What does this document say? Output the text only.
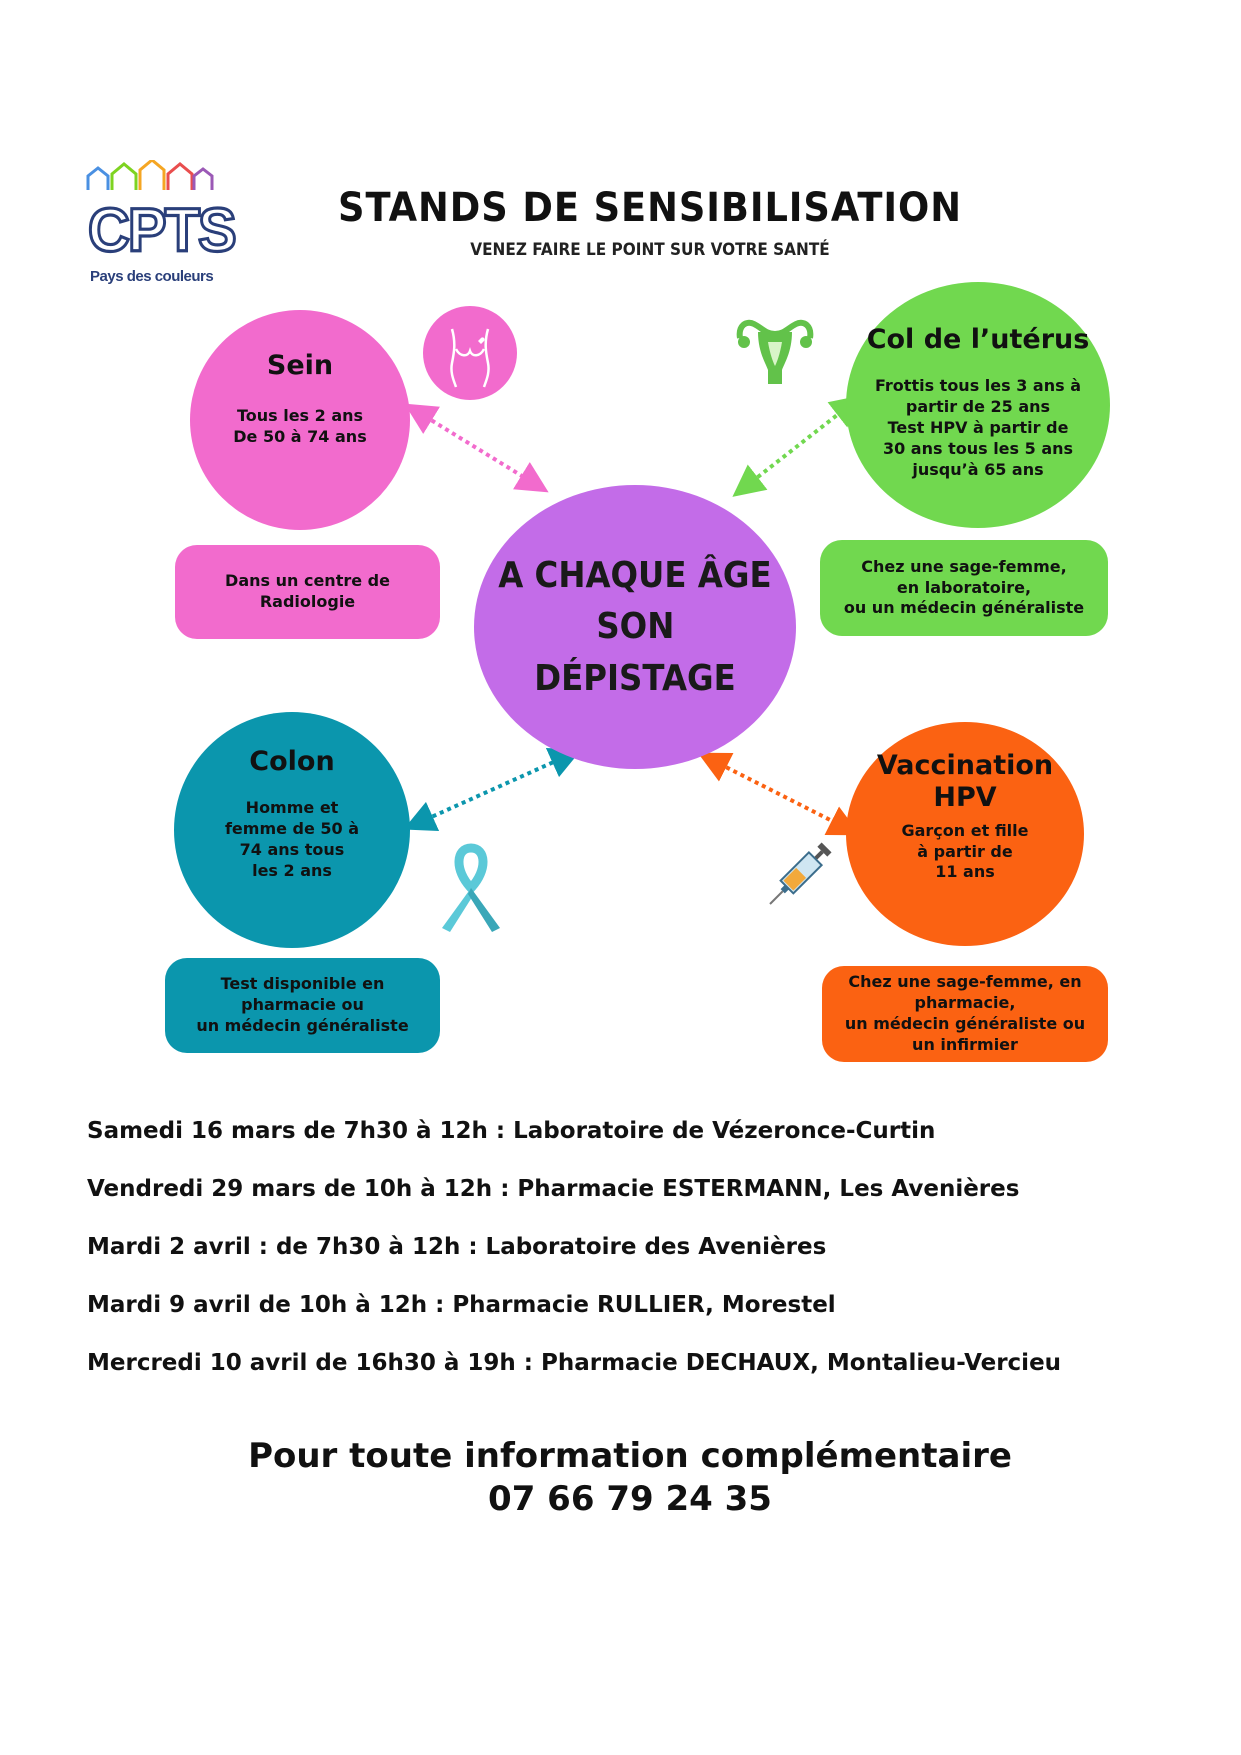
CPTS
Pays des couleurs
STANDS DE SENSIBILISATION
VENEZ FAIRE LE POINT SUR VOTRE SANTÉ
Sein
Tous les 2 ans
De 50 à 74 ans
Dans un centre de
Radiologie
Col de l’utérus
Frottis tous les 3 ans à
partir de 25 ans
Test HPV à partir de
30 ans tous les 5 ans
jusqu’à 65 ans
Chez une sage-femme,
en laboratoire,
ou un médecin généraliste
A CHAQUE ÂGE
SON
DÉPISTAGE
Colon
Homme et
femme de 50 à
74 ans tous
les 2 ans
Test disponible en
pharmacie ou
un médecin généraliste
Vaccination
HPV
Garçon et fille
à partir de
11 ans
Chez une sage-femme, en
pharmacie,
un médecin généraliste ou
un infirmier
Samedi 16 mars de 7h30 à 12h : Laboratoire de Vézeronce-Curtin
Vendredi 29 mars de 10h à 12h : Pharmacie ESTERMANN, Les Avenières
Mardi 2 avril : de 7h30 à 12h : Laboratoire des Avenières
Mardi 9 avril de 10h à 12h : Pharmacie RULLIER, Morestel
Mercredi 10 avril de 16h30 à 19h : Pharmacie DECHAUX, Montalieu-Vercieu
Pour toute information complémentaire
07 66 79 24 35
